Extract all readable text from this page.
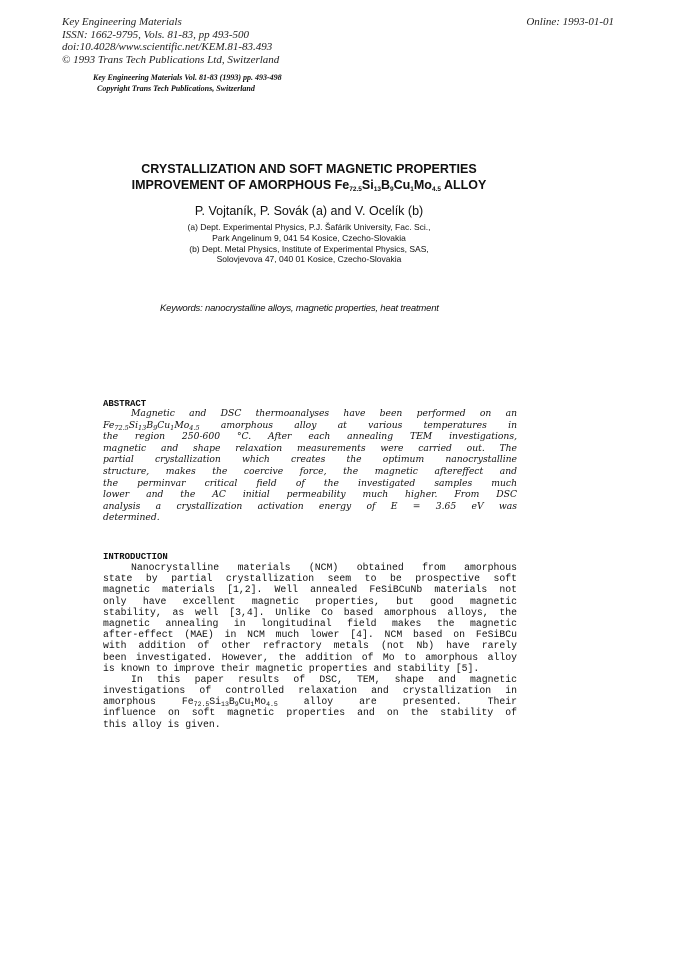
Key Engineering Materials
ISSN: 1662-9795, Vols. 81-83, pp 493-500
doi:10.4028/www.scientific.net/KEM.81-83.493
© 1993 Trans Tech Publications Ltd, Switzerland
Online: 1993-01-01
Key Engineering Materials Vol. 81-83 (1993) pp. 493-498
Copyright Trans Tech Publications, Switzerland
CRYSTALLIZATION AND SOFT MAGNETIC PROPERTIES
IMPROVEMENT OF AMORPHOUS $Fe_{72.5}Si_{13}B_9Cu_1Mo_{4.5}$ ALLOY
P. Vojtaník, P. Sovák (a) and V. Ocelík (b)
(a) Dept. Experimental Physics, P.J. Šafárik University, Fac. Sci.,
Park Angelinum 9, 041 54 Kosice, Czecho-Slovakia
(b) Dept. Metal Physics, Institute of Experimental Physics, SAS,
Solovjevova 47, 040 01 Kosice, Czecho-Slovakia
Keywords: nanocrystalline alloys, magnetic properties, heat treatment
ABSTRACT
Magnetic and DSC thermoanalyses have been performed on an
$Fe_{72.5}Si_{13}B_9Cu_1Mo_{4.5}$ amorphous alloy at various temperatures in
the region 250-600 °C. After each annealing TEM investigations,
magnetic and shape relaxation measurements were carried out. The
partial crystallization which creates the optimum nanocrystalline
structure, makes the coercive force, the magnetic aftereffect and
the perminvar critical field of the investigated samples much
lower and the AC initial permeability much higher. From DSC
analysis a crystallization activation energy of E = 3.65 eV was
determined.
INTRODUCTION
Nanocrystalline materials (NCM) obtained from amorphous
state by partial crystallization seem to be prospective soft
magnetic materials [1,2]. Well annealed FeSiBCuNb materials not
only have excellent magnetic properties, but good magnetic
stability, as well [3,4]. Unlike Co based amorphous alloys, the
magnetic annealing in longitudinal field makes the magnetic
after-effect (MAE) in NCM much lower [4]. NCM based on FeSiBCu
with addition of other refractory metals (not Nb) have rarely
been investigated. However, the addition of Mo to amorphous alloy
is known to improve their magnetic properties and stability [5].
In this paper results of DSC, TEM, shape and magnetic
investigations of controlled relaxation and crystallization in
amorphous $Fe_{72.5}Si_{13}B_9Cu_1Mo_{4.5}$ alloy are presented. Their
influence on soft magnetic properties and on the stability of
this alloy is given.
